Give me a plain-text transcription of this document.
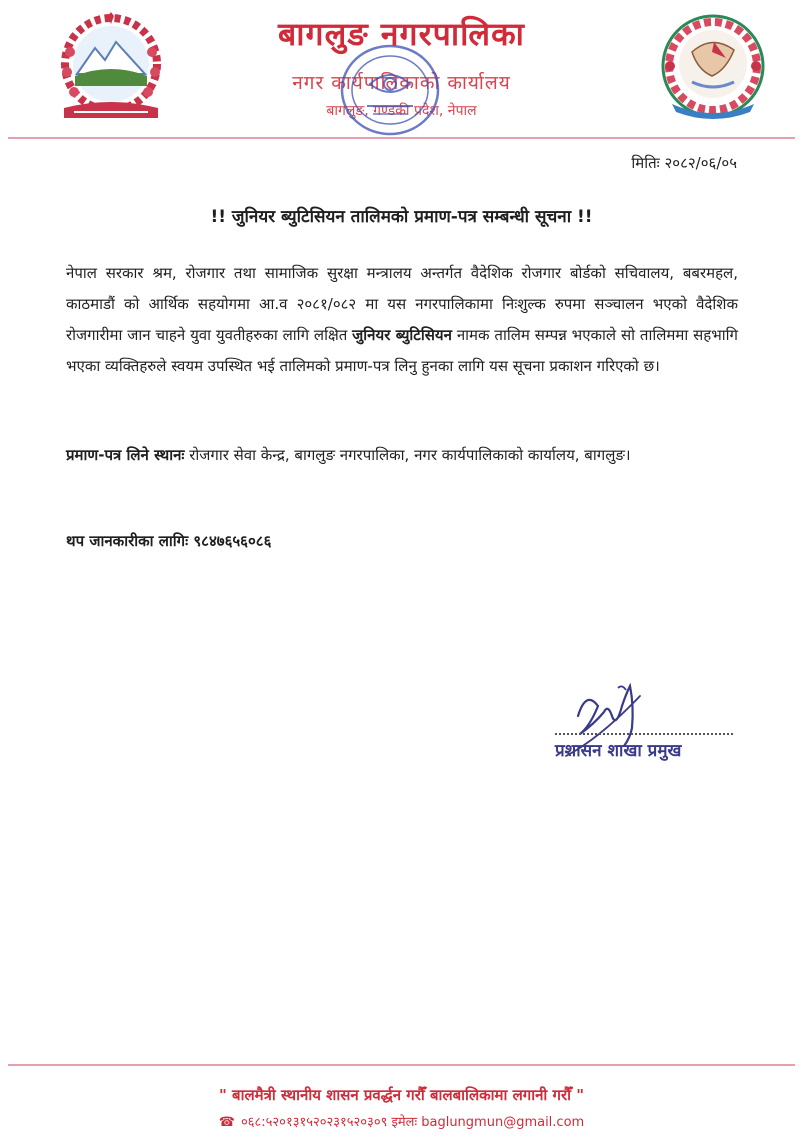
बागलुङ नगरपालिका
नगर कार्यपालिकाको कार्यालय
बागलुङ, गण्डकी प्रदेश, नेपाल
मितिः २०८२/०६/०५
!! जुनियर ब्युटिसियन तालिमको प्रमाण-पत्र सम्बन्धी सूचना !!
नेपाल सरकार श्रम, रोजगार तथा सामाजिक सुरक्षा मन्त्रालय अन्तर्गत वैदेशिक रोजगार बोर्डको सचिवालय, बबरमहल, काठमाडौं को आर्थिक सहयोगमा आ.व २०८१/०८२ मा यस नगरपालिकामा निःशुल्क रुपमा सञ्चालन भएको वैदेशिक रोजगारीमा जान चाहने युवा युवतीहरुका लागि लक्षित जुनियर ब्युटिसियन नामक तालिम सम्पन्न भएकाले सो तालिममा सहभागि भएका व्यक्तिहरुले स्वयम उपस्थित भई तालिमको प्रमाण-पत्र लिनु हुनका लागि यस सूचना प्रकाशन गरिएको छ।
प्रमाण-पत्र लिने स्थानः रोजगार सेवा केन्द्र, बागलुङ नगरपालिका, नगर कार्यपालिकाको कार्यालय, बागलुङ।
थप जानकारीका लागिः ९८४७६५६०८६
प्रशासन शाखा प्रमुख
" बालमैत्री स्थानीय शासन प्रवर्द्धन गरौँ बालबालिकामा लगानी गरौँ "
☎ ०६८:५२०१३१५२०२३१५२०३०९ इमेलः baglungmun@gmail.com
